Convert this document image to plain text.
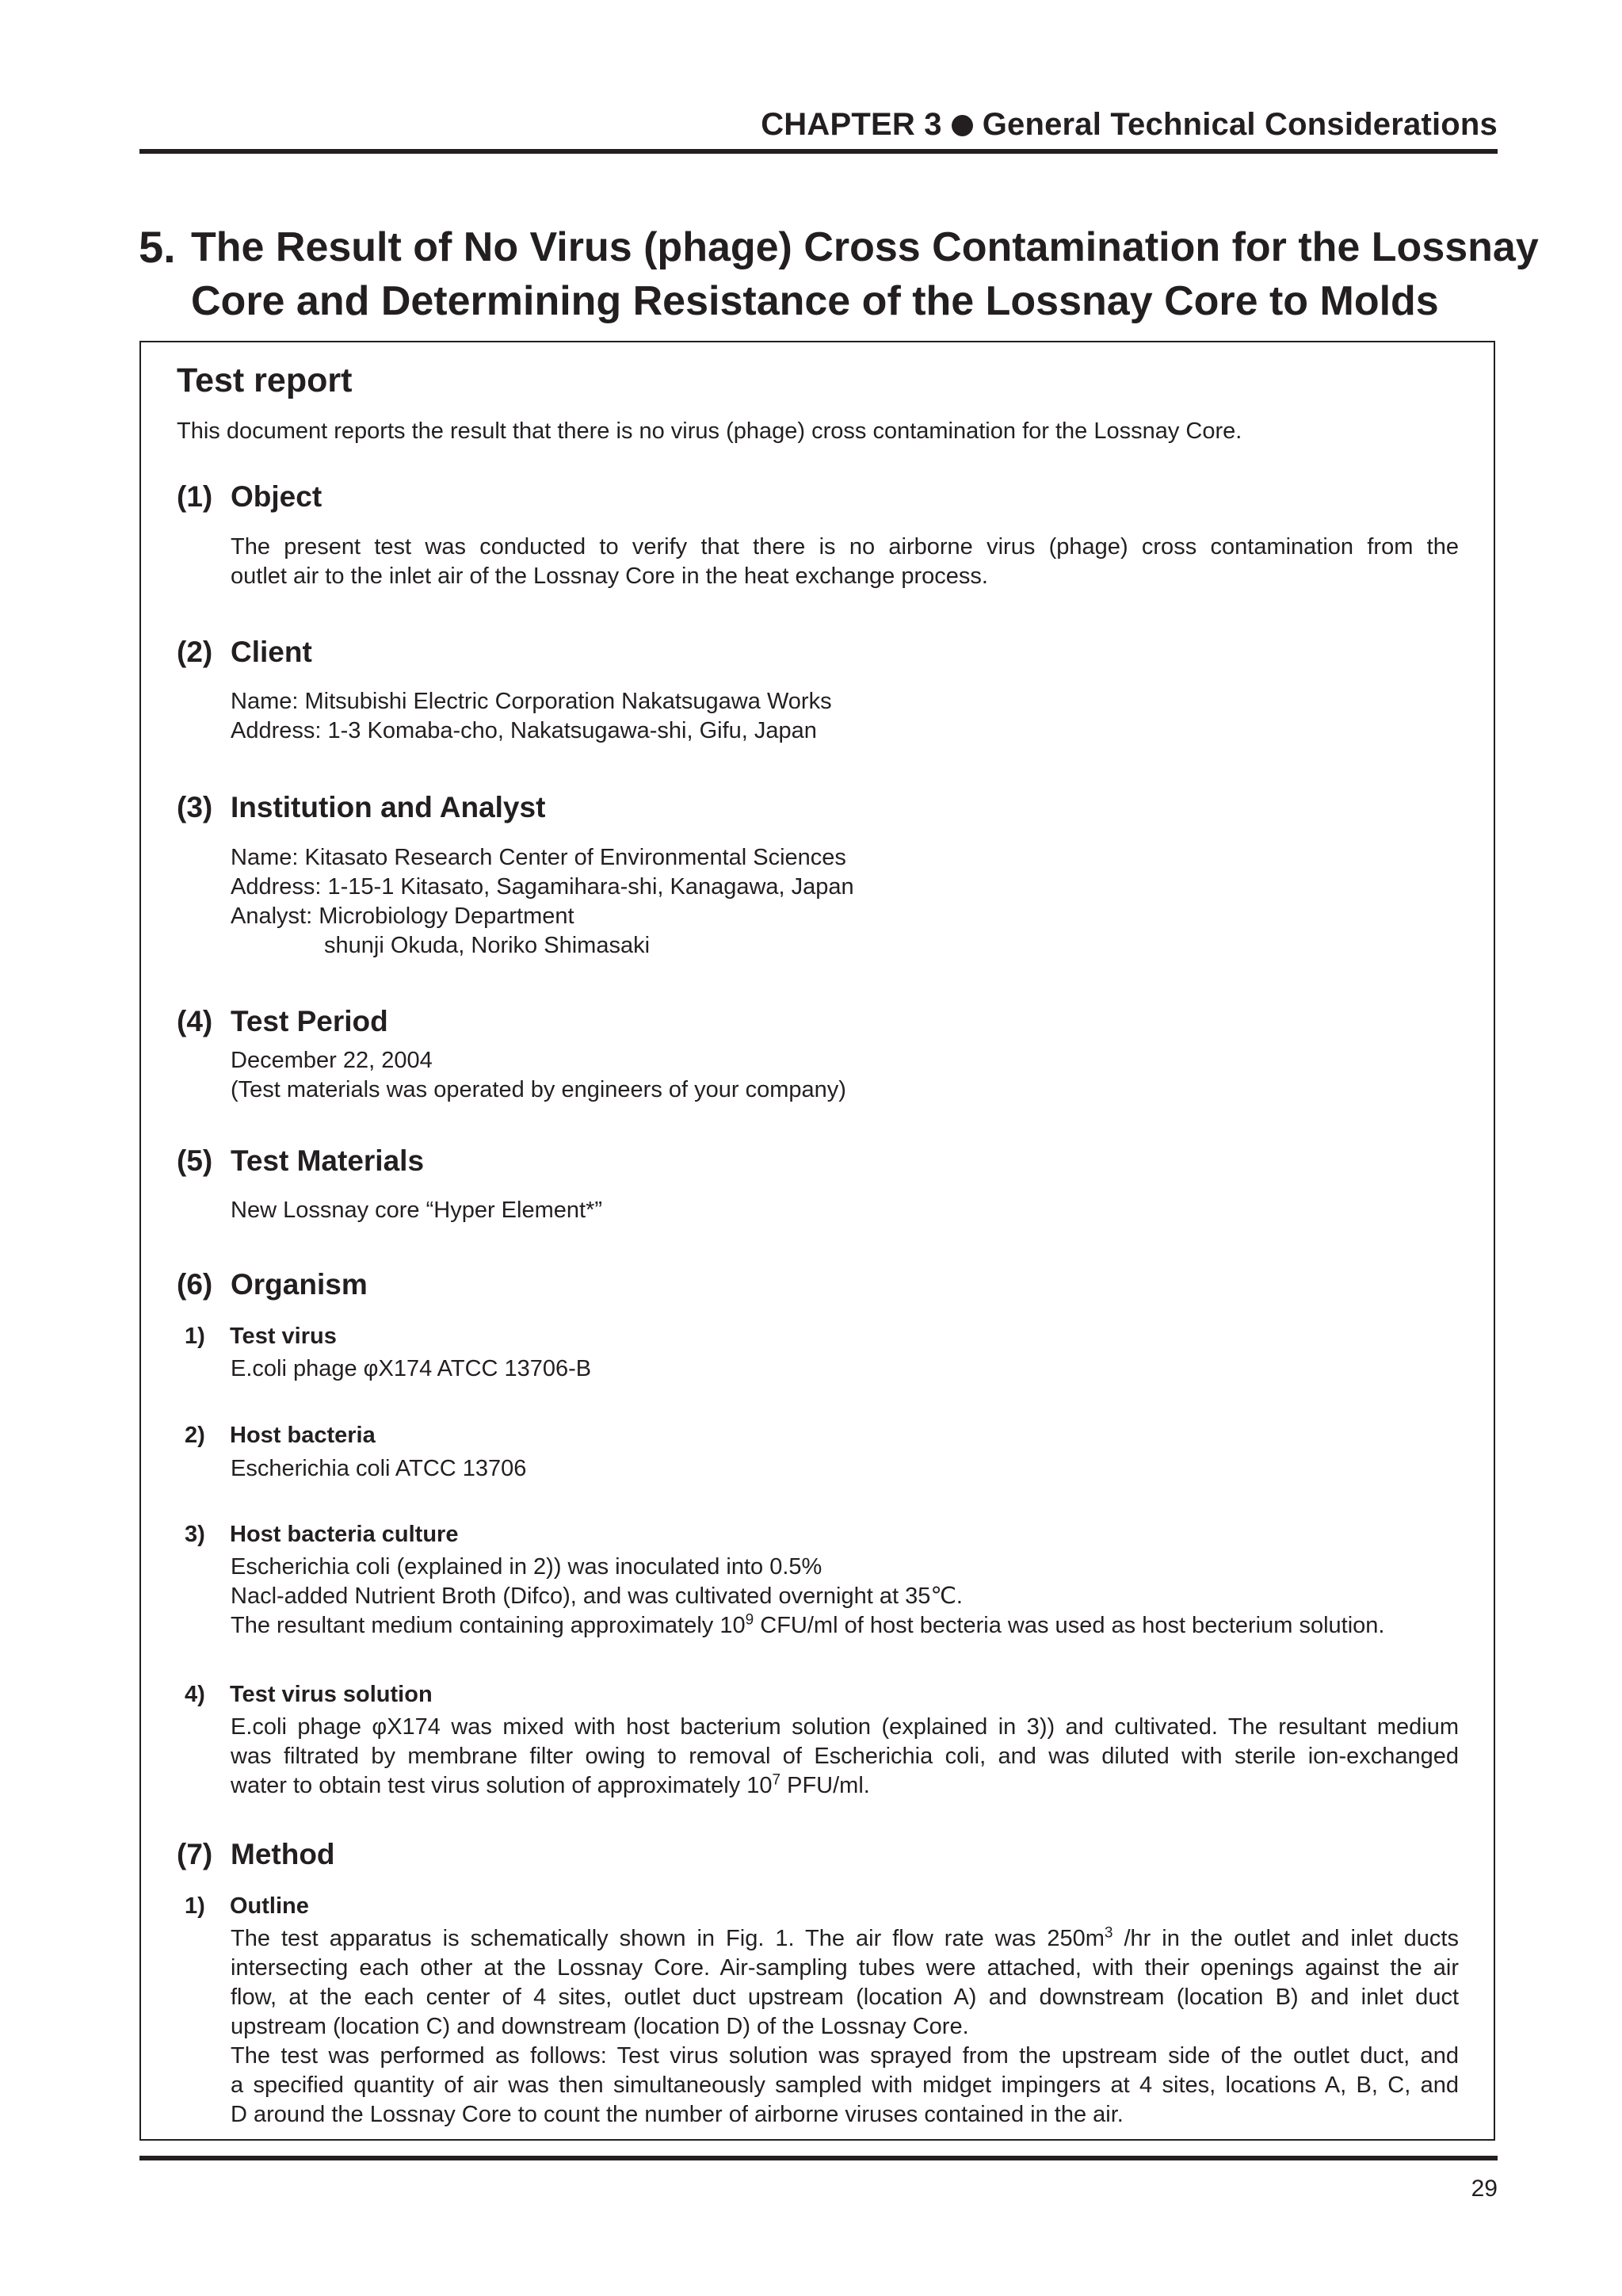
CHAPTER 3 General Technical Considerations
5. The Result of No Virus (phage) Cross Contamination for the Lossnay
Core and Determining Resistance of the Lossnay Core to Molds
Test report
This document reports the result that there is no virus (phage) cross contamination for the Lossnay Core.
(1) Object
The present test was conducted to verify that there is no airborne virus (phage) cross contamination from the
outlet air to the inlet air of the Lossnay Core in the heat exchange process.
(2) Client
Name: Mitsubishi Electric Corporation Nakatsugawa Works
Address: 1-3 Komaba-cho, Nakatsugawa-shi, Gifu, Japan
(3) Institution and Analyst
Name: Kitasato Research Center of Environmental Sciences
Address: 1-15-1 Kitasato, Sagamihara-shi, Kanagawa, Japan
Analyst: Microbiology Department
shunji Okuda, Noriko Shimasaki
(4) Test Period
December 22, 2004
(Test materials was operated by engineers of your company)
(5) Test Materials
New Lossnay core “Hyper Element*”
(6) Organism
1) Test virus
E.coli phage φX174 ATCC 13706-B
2) Host bacteria
Escherichia coli ATCC 13706
3) Host bacteria culture
Escherichia coli (explained in 2)) was inoculated into 0.5%
Nacl-added Nutrient Broth (Difco), and was cultivated overnight at 35℃.
The resultant medium containing approximately $10^9$ CFU/ml of host becteria was used as host becterium solution.
4) Test virus solution
E.coli phage φX174 was mixed with host bacterium solution (explained in 3)) and cultivated. The resultant medium
was filtrated by membrane filter owing to removal of Escherichia coli, and was diluted with sterile ion-exchanged
water to obtain test virus solution of approximately $10^7$ PFU/ml.
(7) Method
1) Outline
The test apparatus is schematically shown in Fig. 1. The air flow rate was $250m^3$ /hr in the outlet and inlet ducts
intersecting each other at the Lossnay Core. Air-sampling tubes were attached, with their openings against the air
flow, at the each center of 4 sites, outlet duct upstream (location A) and downstream (location B) and inlet duct
upstream (location C) and downstream (location D) of the Lossnay Core.
The test was performed as follows: Test virus solution was sprayed from the upstream side of the outlet duct, and
a specified quantity of air was then simultaneously sampled with midget impingers at 4 sites, locations A, B, C, and
D around the Lossnay Core to count the number of airborne viruses contained in the air.
29
